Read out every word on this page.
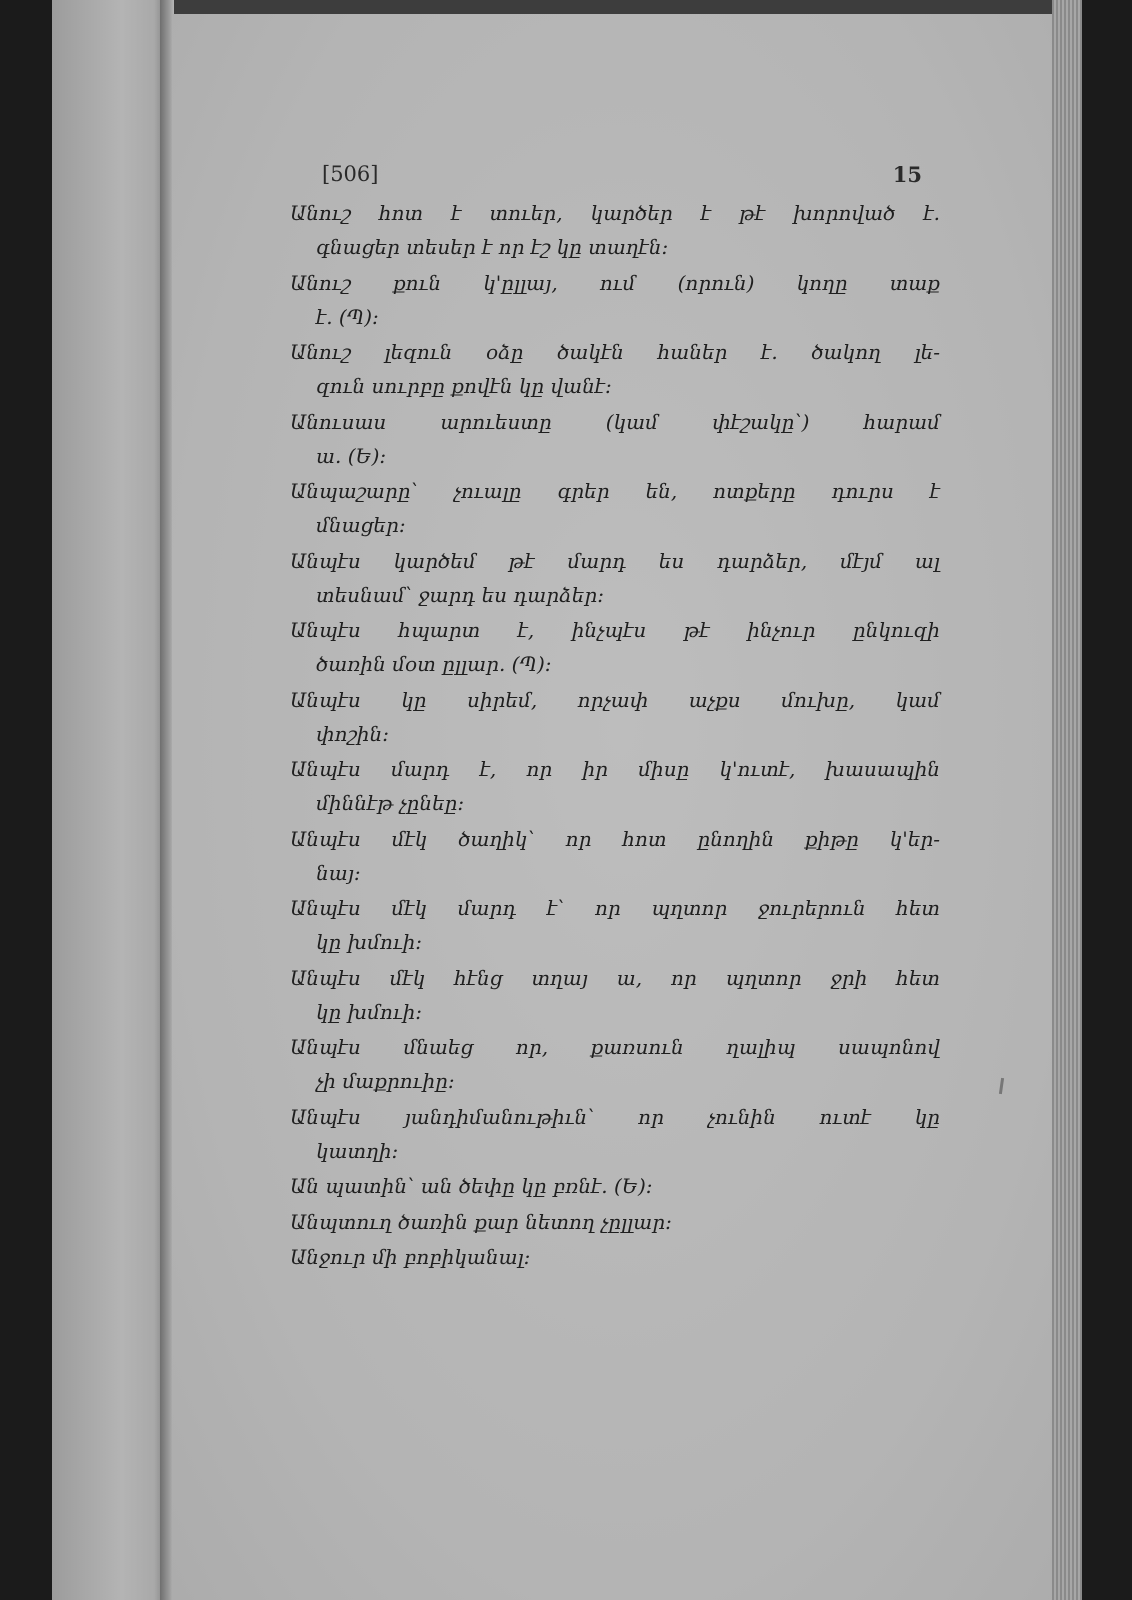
[506]	15
Անուշ հոտ է տուեր, կարծեր է թէ խորոված է.
գնացեր տեսեր է որ էշ կը տաղէն:
Անուշ քուն կ'ըլլայ, ում (որուն) կողը տաք
է. (Պ):
Անուշ լեզուն օձը ծակէն հաներ է. ծակող լե-
զուն սուրբը քովէն կը վանէ:
Անուսաս արուեստը (կամ փէշակը՝) հարամ
ա. (Ե):
Անպաշարը՝ չուալը գրեր են, ոտքերը դուրս է
մնացեր:
Անպէս կարծեմ թէ մարդ ես դարձեր, մէյմ ալ
տեսնամ՝ ջարդ ես դարձեր:
Անպէս հպարտ է, ինչպէս թէ ինչուր ընկուզի
ծառին մօտ ըլլար. (Պ):
Անպէս կը սիրեմ, որչափ աչքս մուխը, կամ
փոշին:
Անպէս մարդ է, որ իր միսը կ'ուտէ, խասապին
միննէթ չընեը:
Անպէս մէկ ծաղիկ՝ որ հոտ ընողին քիթը կ'եր-
նայ:
Անպէս մէկ մարդ է՝ որ պղտոր ջուրերուն հետ
կը խմուի:
Անպէս մէկ հէնց տղայ ա, որ պղտոր ջրի հետ
կը խմուի:
Անպէս մնաեց որ, քառսուն ղալիպ սապոնով
չի մաքրուիը:
Անպէս յանդիմանութիւն՝ որ չունին ուտէ կը
կատղի:
Ան պատին՝ ան ծեփը կը բռնէ. (Ե):
Անպտուղ ծառին քար նետող չըլլար:
Անջուր մի բոբիկանալ:
